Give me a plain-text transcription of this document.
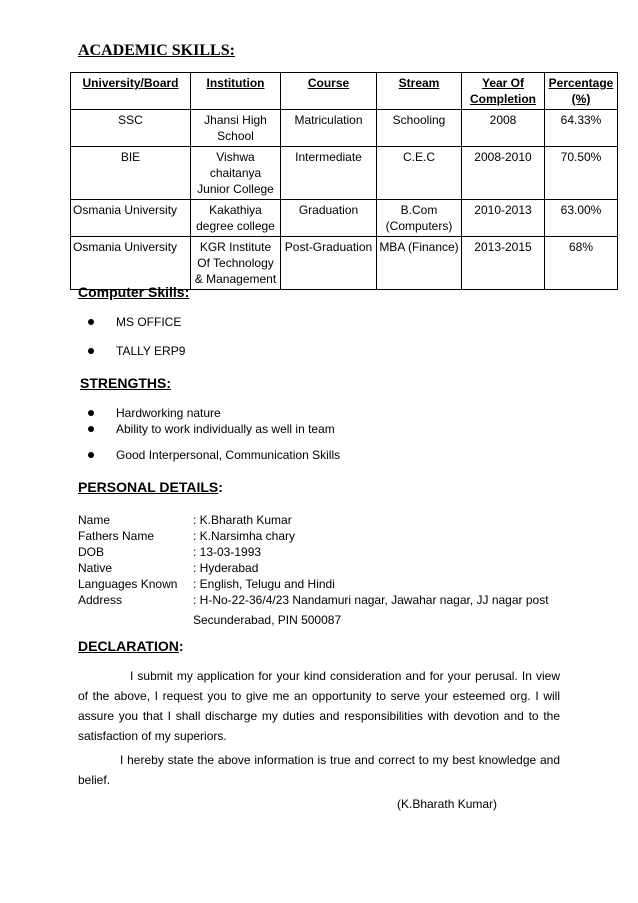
ACADEMIC SKILLS:
University/Board	Institution	Course	Stream	Year Of Completion	Percentage (%)
SSC	Jhansi High School	Matriculation	Schooling	2008	64.33%
BIE	Vishwa chaitanya Junior College	Intermediate	C.E.C	2008-2010	70.50%
Osmania University	Kakathiya degree college	Graduation	B.Com (Computers)	2010-2013	63.00%
Osmania University	KGR Institute Of Technology & Management	Post-Graduation	MBA (Finance)	2013-2015	68%
Computer Skills:
MS OFFICE
TALLY ERP9
STRENGTHS:
Hardworking nature
Ability to work individually as well in team
Good Interpersonal, Communication Skills
PERSONAL DETAILS:
Name	: K.Bharath Kumar
Fathers Name	: K.Narsimha chary
DOB	: 13-03-1993
Native	: Hyderabad
Languages Known	: English, Telugu and Hindi
Address	: H-No-22-36/4/23 Nandamuri nagar, Jawahar nagar, JJ nagar post
Secunderabad, PIN 500087
DECLARATION:

I submit my application for your kind consideration and for your perusal. In view of the above, I request you to give me an opportunity to serve your esteemed org. I will assure you that I shall discharge my duties and responsibilities with devotion and to the satisfaction of my superiors.

I hereby state the above information is true and correct to my best knowledge and belief.

(K.Bharath Kumar)
